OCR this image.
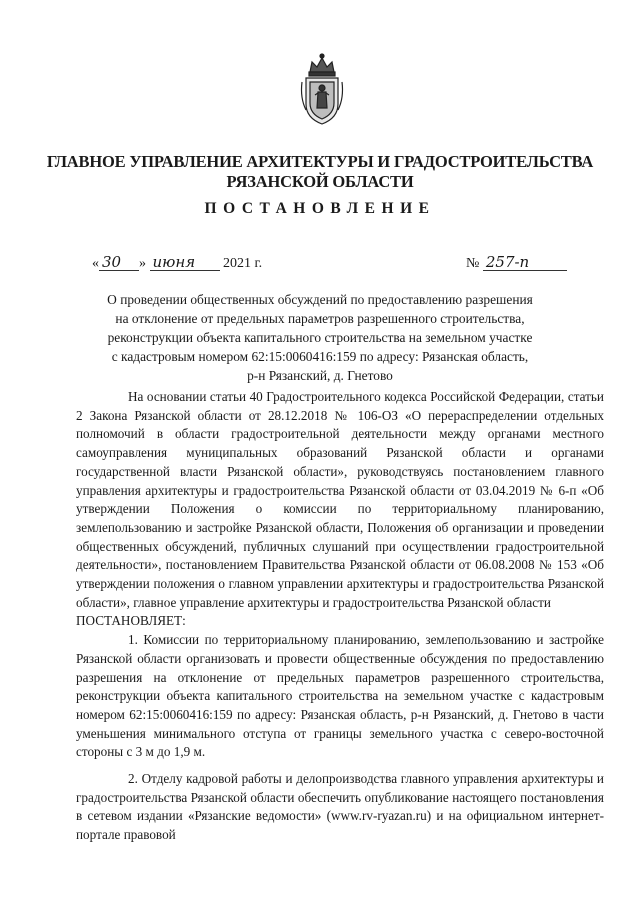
ГЛАВНОЕ УПРАВЛЕНИЕ АРХИТЕКТУРЫ И ГРАДОСТРОИТЕЛЬСТВА
РЯЗАНСКОЙ ОБЛАСТИ
ПОСТАНОВЛЕНИЕ
« 30 » июня 2021 г.	№ 257-п
О проведении общественных обсуждений по предоставлению разрешения
на отклонение от предельных параметров разрешенного строительства,
реконструкции объекта капитального строительства на земельном участке
с кадастровым номером 62:15:0060416:159 по адресу: Рязанская область,
р-н Рязанский, д. Гнетово

На основании статьи 40 Градостроительного кодекса Российской Федерации, статьи 2 Закона Рязанской области от 28.12.2018 № 106-ОЗ «О перераспределении отдельных полномочий в области градостроительной деятельности между органами местного самоуправления муниципальных образований Рязанской области и органами государственной власти Рязанской области», руководствуясь постановлением главного управления архитектуры и градостроительства Рязанской области от 03.04.2019 № 6-п «Об утверждении Положения о комиссии по территориальному планированию, землепользованию и застройке Рязанской области, Положения об организации и проведении общественных обсуждений, публичных слушаний при осуществлении градостроительной деятельности», постановлением Правительства Рязанской области от 06.08.2008 № 153 «Об утверждении положения о главном управлении архитектуры и градостроительства Рязанской области», главное управление архитектуры и градостроительства Рязанской области

ПОСТАНОВЛЯЕТ:

1. Комиссии по территориальному планированию, землепользованию и застройке Рязанской области организовать и провести общественные обсуждения по предоставлению разрешения на отклонение от предельных параметров разрешенного строительства, реконструкции объекта капитального строительства на земельном участке с кадастровым номером 62:15:0060416:159 по адресу: Рязанская область, р-н Рязанский, д. Гнетово в части уменьшения минимального отступа от границы земельного участка с северо-восточной стороны с 3 м до 1,9 м.

2. Отделу кадровой работы и делопроизводства главного управления архитектуры и градостроительства Рязанской области обеспечить опубликование настоящего постановления в сетевом издании «Рязанские ведомости» (www.rv-ryazan.ru) и на официальном интернет-портале правовой
